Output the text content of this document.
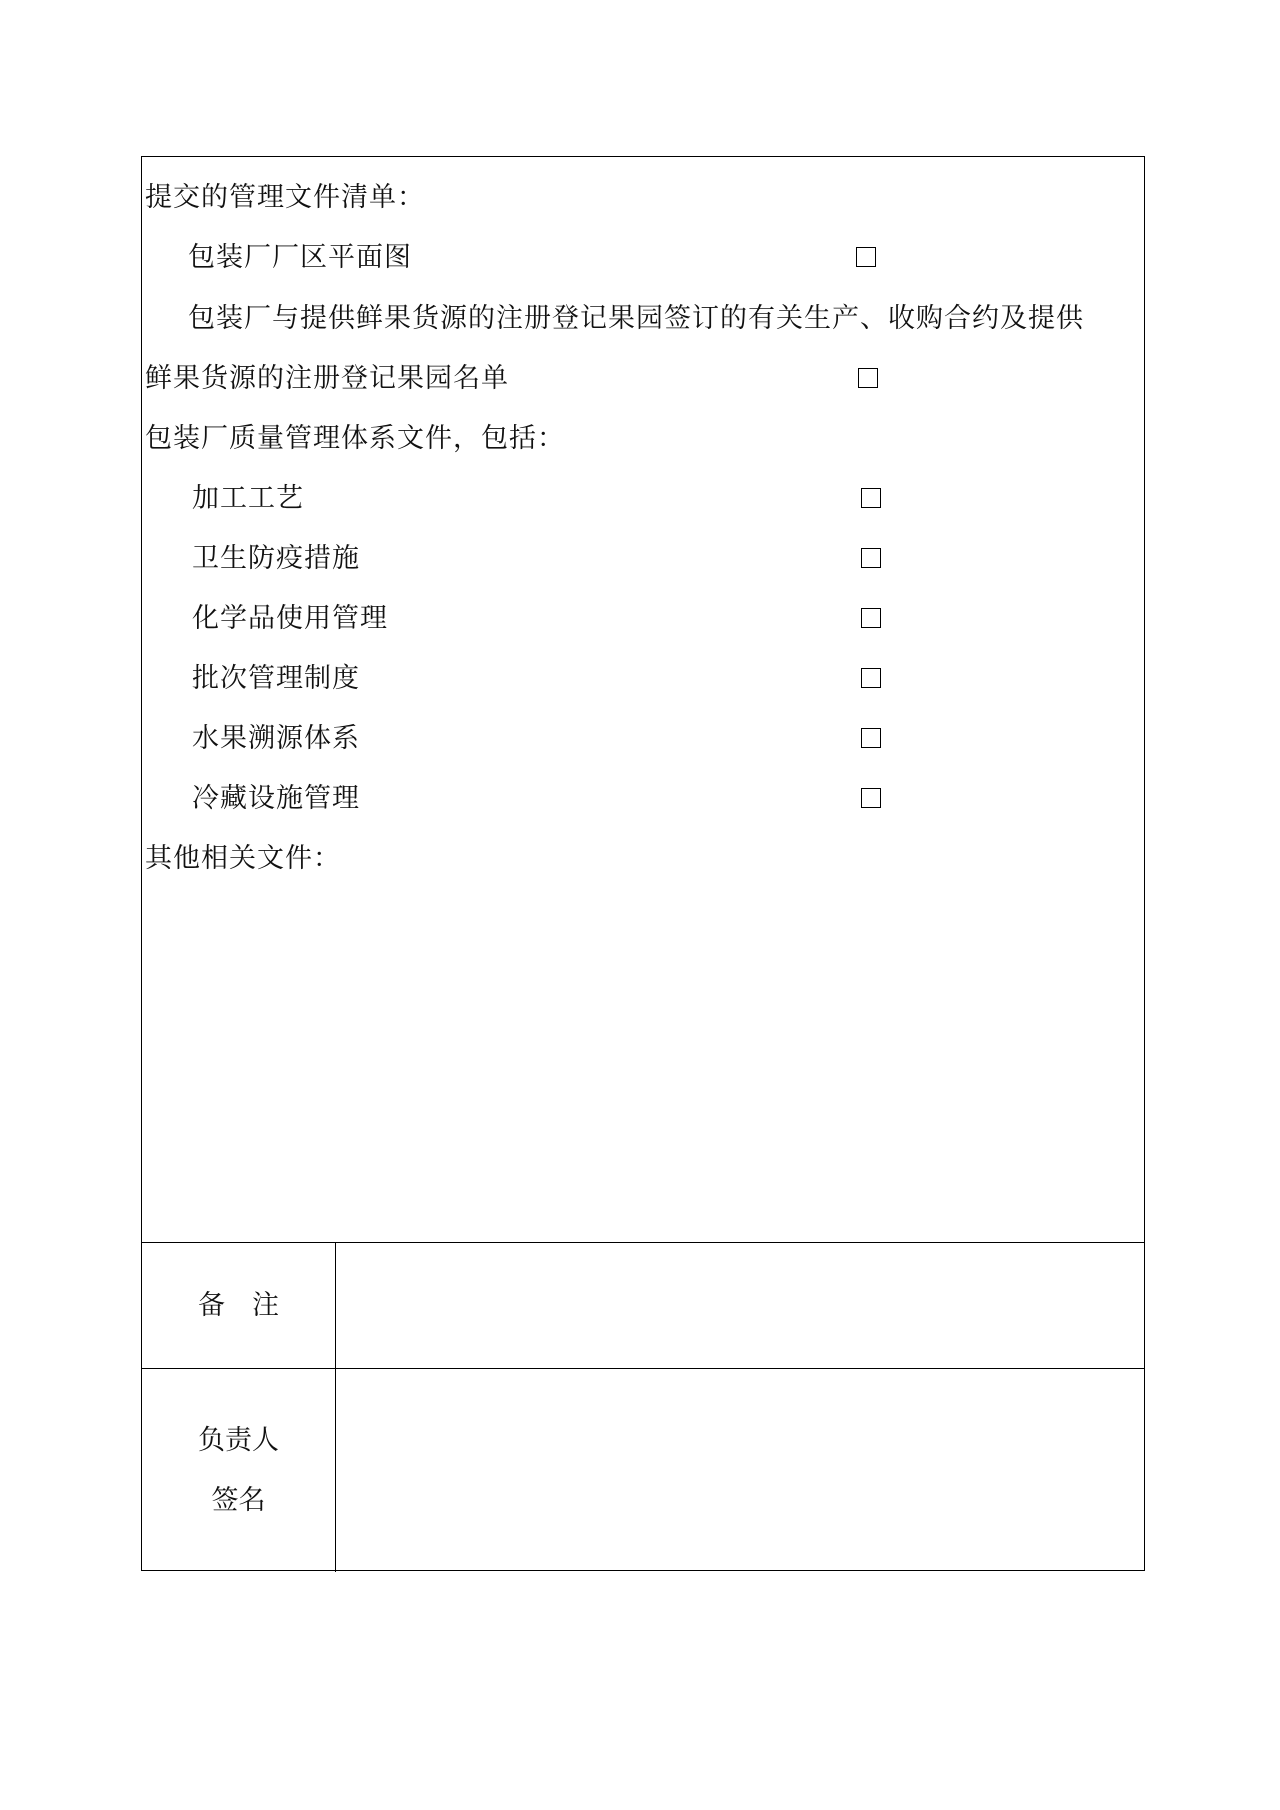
提交的管理文件清单：
包装厂厂区平面图
包装厂与提供鲜果货源的注册登记果园签订的有关生产、收购合约及提供
鲜果货源的注册登记果园名单
包装厂质量管理体系文件，包括：
加工工艺
卫生防疫措施
化学品使用管理
批次管理制度
水果溯源体系
冷藏设施管理
其他相关文件：
备　注
负责人
签名
